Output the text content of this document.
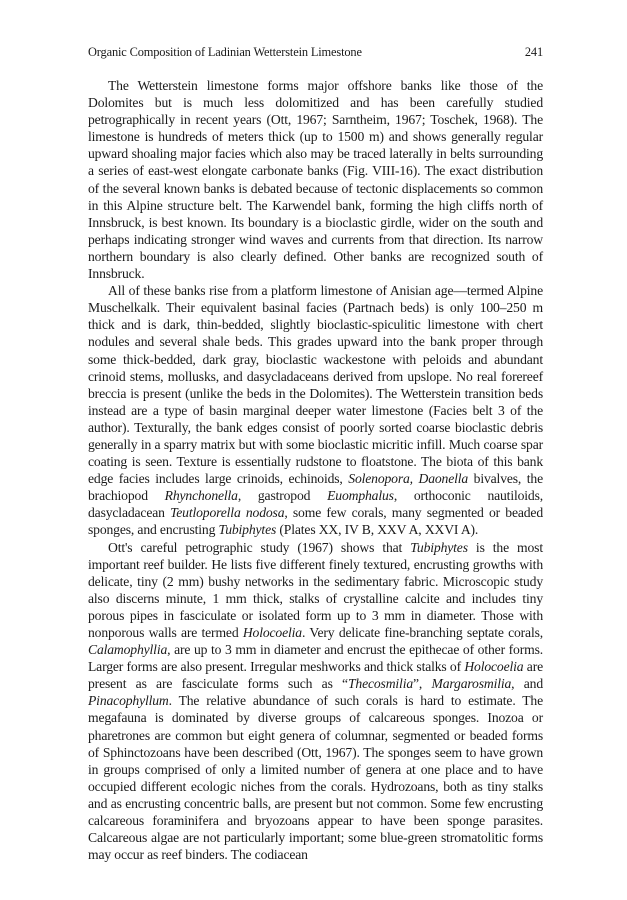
Organic Composition of Ladinian Wetterstein Limestone	241

The Wetterstein limestone forms major offshore banks like those of the Dolomites but is much less dolomitized and has been carefully studied petrographically in recent years (Ott, 1967; Sarntheim, 1967; Toschek, 1968). The limestone is hundreds of meters thick (up to 1500 m) and shows generally regular upward shoaling major facies which also may be traced laterally in belts surrounding a series of east-west elongate carbonate banks (Fig. VIII-16). The exact distribution of the several known banks is debated because of tectonic displacements so common in this Alpine structure belt. The Karwendel bank, forming the high cliffs north of Innsbruck, is best known. Its boundary is a bioclastic girdle, wider on the south and perhaps indicating stronger wind waves and currents from that direction. Its narrow northern boundary is also clearly defined. Other banks are recognized south of Innsbruck.

All of these banks rise from a platform limestone of Anisian age—termed Alpine Muschelkalk. Their equivalent basinal facies (Partnach beds) is only 100–250 m thick and is dark, thin-bedded, slightly bioclastic-spiculitic limestone with chert nodules and several shale beds. This grades upward into the bank proper through some thick-bedded, dark gray, bioclastic wackestone with peloids and abundant crinoid stems, mollusks, and dasycladaceans derived from upslope. No real forereef breccia is present (unlike the beds in the Dolomites). The Wetterstein transition beds instead are a type of basin marginal deeper water limestone (Facies belt 3 of the author). Texturally, the bank edges consist of poorly sorted coarse bioclastic debris generally in a sparry matrix but with some bioclastic micritic infill. Much coarse spar coating is seen. Texture is essentially rudstone to floatstone. The biota of this bank edge facies includes large crinoids, echinoids, Solenopora, Daonella bivalves, the brachiopod Rhynchonella, gastropod Euomphalus, orthoconic nautiloids, dasycladacean Teutloporella nodosa, some few corals, many segmented or beaded sponges, and encrusting Tubiphytes (Plates XX, IV B, XXV A, XXVI A).

Ott's careful petrographic study (1967) shows that Tubiphytes is the most important reef builder. He lists five different finely textured, encrusting growths with delicate, tiny (2 mm) bushy networks in the sedimentary fabric. Microscopic study also discerns minute, 1 mm thick, stalks of crystalline calcite and includes tiny porous pipes in fasciculate or isolated form up to 3 mm in diameter. Those with nonporous walls are termed Holocoelia. Very delicate fine-branching septate corals, Calamophyllia, are up to 3 mm in diameter and encrust the epithecae of other forms. Larger forms are also present. Irregular meshworks and thick stalks of Holocoelia are present as are fasciculate forms such as “Thecosmilia”, Margarosmilia, and Pinacophyllum. The relative abundance of such corals is hard to estimate. The megafauna is dominated by diverse groups of calcareous sponges. Inozoa or pharetrones are common but eight genera of columnar, segmented or beaded forms of Sphinctozoans have been described (Ott, 1967). The sponges seem to have grown in groups comprised of only a limited number of genera at one place and to have occupied different ecologic niches from the corals. Hydrozoans, both as tiny stalks and as encrusting concentric balls, are present but not common. Some few encrusting calcareous foraminifera and bryozoans appear to have been sponge parasites. Calcareous algae are not particularly important; some blue-green stromatolitic forms may occur as reef binders. The codiacean
